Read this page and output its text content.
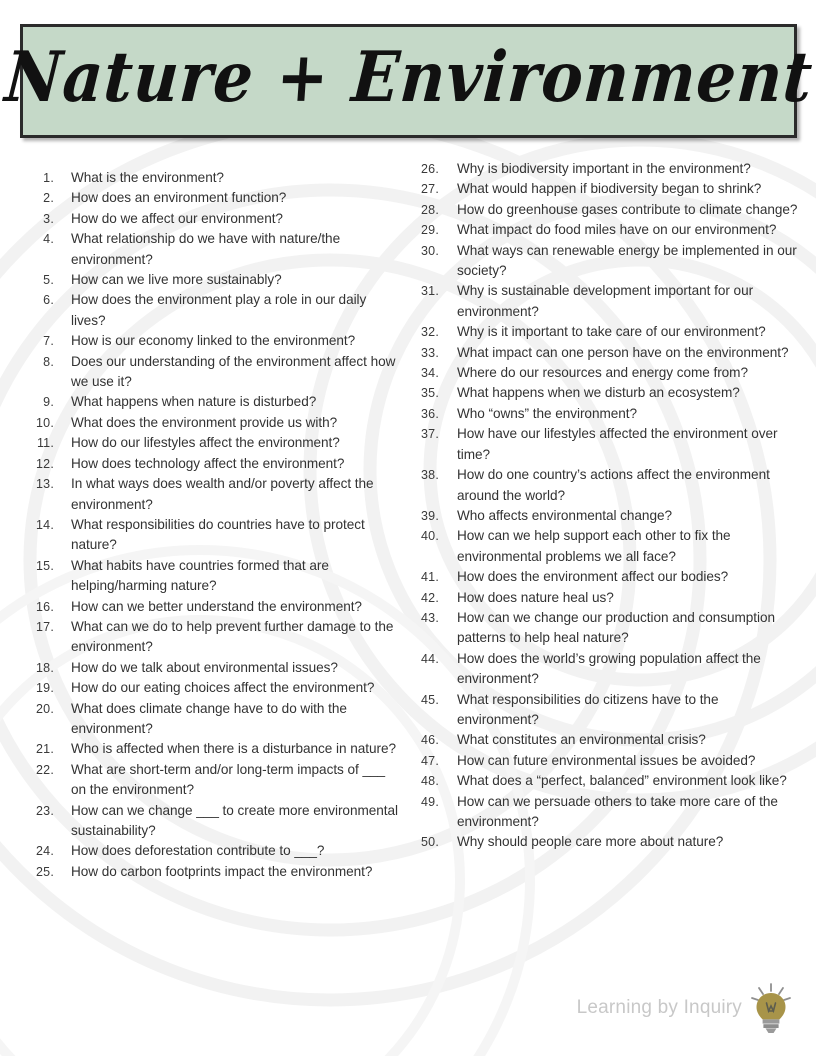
Nature + Environment
1. What is the environment?
2. How does an environment function?
3. How do we affect our environment?
4. What relationship do we have with nature/the environment?
5. How can we live more sustainably?
6. How does the environment play a role in our daily lives?
7. How is our economy linked to the environment?
8. Does our understanding of the environment affect how we use it?
9. What happens when nature is disturbed?
10. What does the environment provide us with?
11. How do our lifestyles affect the environment?
12. How does technology affect the environment?
13. In what ways does wealth and/or poverty affect the environment?
14. What responsibilities do countries have to protect nature?
15. What habits have countries formed that are helping/harming nature?
16. How can we better understand the environment?
17. What can we do to help prevent further damage to the environment?
18. How do we talk about environmental issues?
19. How do our eating choices affect the environment?
20. What does climate change have to do with the environment?
21. Who is affected when there is a disturbance in nature?
22. What are short-term and/or long-term impacts of ___ on the environment?
23. How can we change ___ to create more environmental sustainability?
24. How does deforestation contribute to ___?
25. How do carbon footprints impact the environment?
26. Why is biodiversity important in the environment?
27. What would happen if biodiversity began to shrink?
28. How do greenhouse gases contribute to climate change?
29. What impact do food miles have on our environment?
30. What ways can renewable energy be implemented in our society?
31. Why is sustainable development important for our environment?
32. Why is it important to take care of our environment?
33. What impact can one person have on the environment?
34. Where do our resources and energy come from?
35. What happens when we disturb an ecosystem?
36. Who “owns” the environment?
37. How have our lifestyles affected the environment over time?
38. How do one country’s actions affect the environment around the world?
39. Who affects environmental change?
40. How can we help support each other to fix the environmental problems we all face?
41. How does the environment affect our bodies?
42. How does nature heal us?
43. How can we change our production and consumption patterns to help heal nature?
44. How does the world’s growing population affect the environment?
45. What responsibilities do citizens have to the environment?
46. What constitutes an environmental crisis?
47. How can future environmental issues be avoided?
48. What does a “perfect, balanced” environment look like?
49. How can we persuade others to take more care of the environment?
50. Why should people care more about nature?
Learning by Inquiry
